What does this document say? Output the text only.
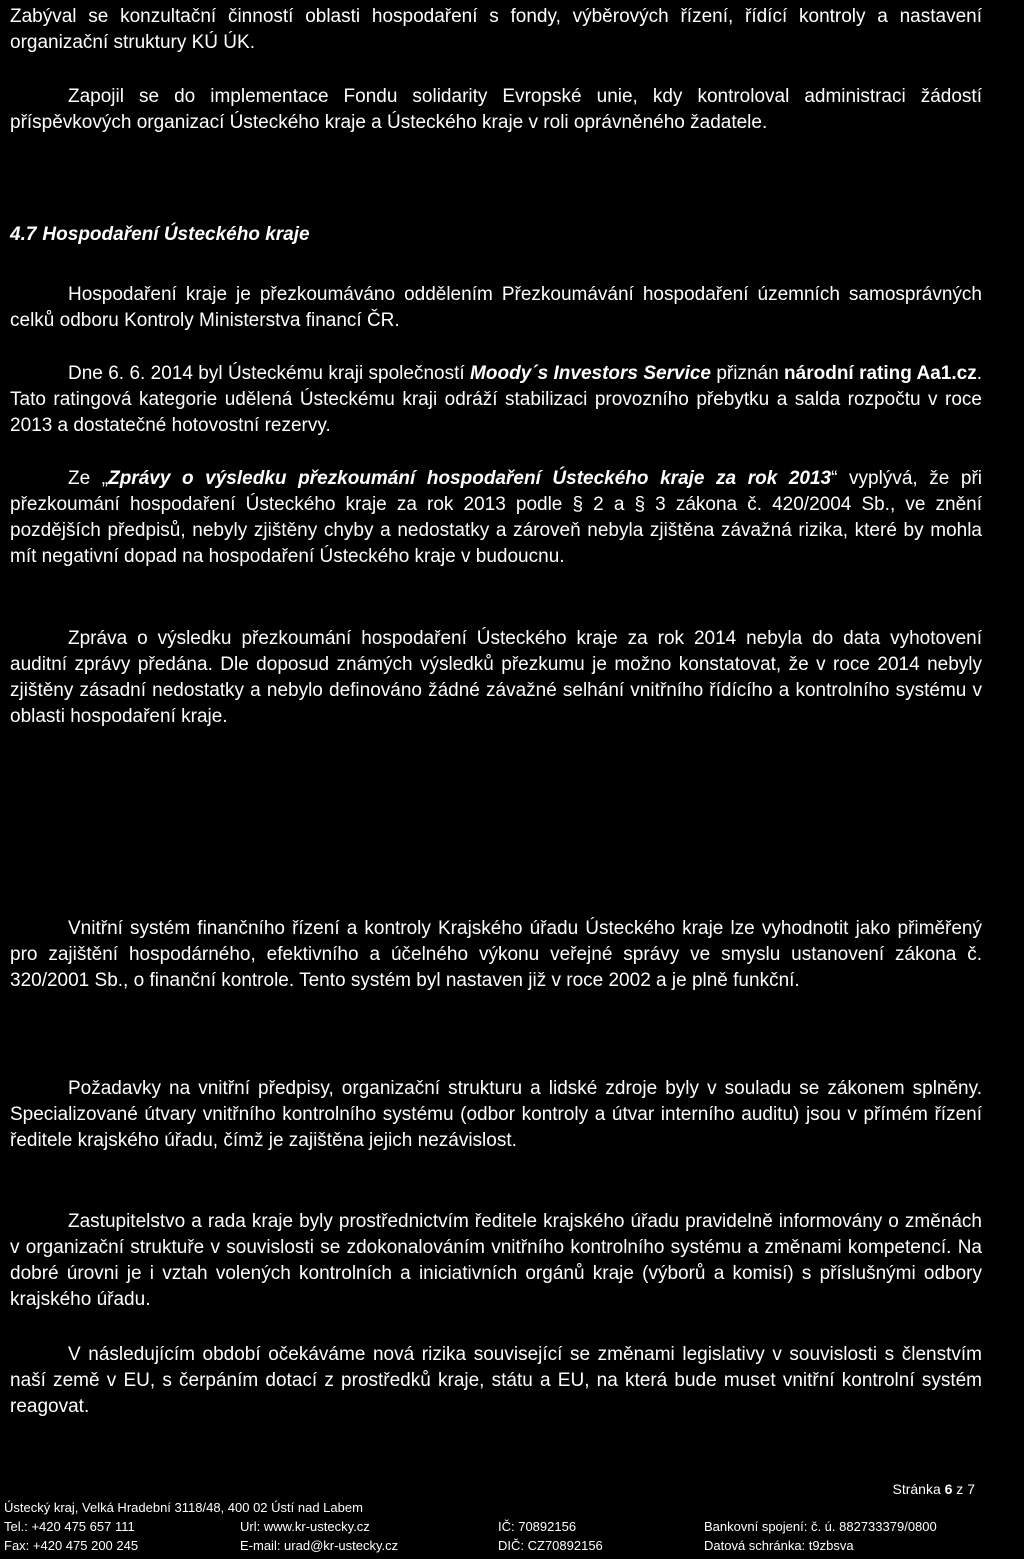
Zabýval se konzultační činností oblasti hospodaření s fondy, výběrových řízení, řídící kontroly a nastavení organizační struktury KÚ ÚK.

Zapojil se do implementace Fondu solidarity Evropské unie, kdy kontroloval administraci žádostí příspěvkových organizací Ústeckého kraje a Ústeckého kraje v roli oprávněného žadatele.

4.7 Hospodaření Ústeckého kraje

Hospodaření kraje je přezkoumáváno oddělením Přezkoumávání hospodaření územních samosprávných celků odboru Kontroly Ministerstva financí ČR.

Dne 6. 6. 2014 byl Ústeckému kraji společností Moody´s Investors Service přiznán národní rating Aa1.cz. Tato ratingová kategorie udělená Ústeckému kraji odráží stabilizaci provozního přebytku a salda rozpočtu v roce 2013 a dostatečné hotovostní rezervy.

Ze „Zprávy o výsledku přezkoumání hospodaření Ústeckého kraje za rok 2013“ vyplývá, že při přezkoumání hospodaření Ústeckého kraje za rok 2013 podle § 2 a § 3 zákona č. 420/2004 Sb., ve znění pozdějších předpisů, nebyly zjištěny chyby a nedostatky a zároveň nebyla zjištěna závažná rizika, které by mohla mít negativní dopad na hospodaření Ústeckého kraje v budoucnu.

Zpráva o výsledku přezkoumání hospodaření Ústeckého kraje za rok 2014 nebyla do data vyhotovení auditní zprávy předána. Dle doposud známých výsledků přezkumu je možno konstatovat, že v roce 2014 nebyly zjištěny zásadní nedostatky a nebylo definováno žádné závažné selhání vnitřního řídícího a kontrolního systému v oblasti hospodaření kraje.

Vnitřní systém finančního řízení a kontroly Krajského úřadu Ústeckého kraje lze vyhodnotit jako přiměřený pro zajištění hospodárného, efektivního a účelného výkonu veřejné správy ve smyslu ustanovení zákona č. 320/2001 Sb., o finanční kontrole. Tento systém byl nastaven již v roce 2002 a je plně funkční.

Požadavky na vnitřní předpisy, organizační strukturu a lidské zdroje byly v souladu se zákonem splněny. Specializované útvary vnitřního kontrolního systému (odbor kontroly a útvar interního auditu) jsou v přímém řízení ředitele krajského úřadu, čímž je zajištěna jejich nezávislost.

Zastupitelstvo a rada kraje byly prostřednictvím ředitele krajského úřadu pravidelně informovány o změnách v organizační struktuře v souvislosti se zdokonalováním vnitřního kontrolního systému a změnami kompetencí. Na dobré úrovni je i vztah volených kontrolních a iniciativních orgánů kraje (výborů a komisí) s příslušnými odbory krajského úřadu.

V následujícím období očekáváme nová rizika související se změnami legislativy v souvislosti s členstvím naší země v EU, s čerpáním dotací z prostředků kraje, státu a EU, na která bude muset vnitřní kontrolní systém reagovat.

Stránka 6 z 7
Ústecký kraj, Velká Hradební 3118/48, 400 02 Ústí nad Labem
Tel.: +420 475 657 111	Url: www.kr-ustecky.cz	IČ: 70892156	Bankovní spojení: č. ú. 882733379/0800
Fax: +420 475 200 245	E-mail: urad@kr-ustecky.cz	DIČ: CZ70892156	Datová schránka: t9zbsva
